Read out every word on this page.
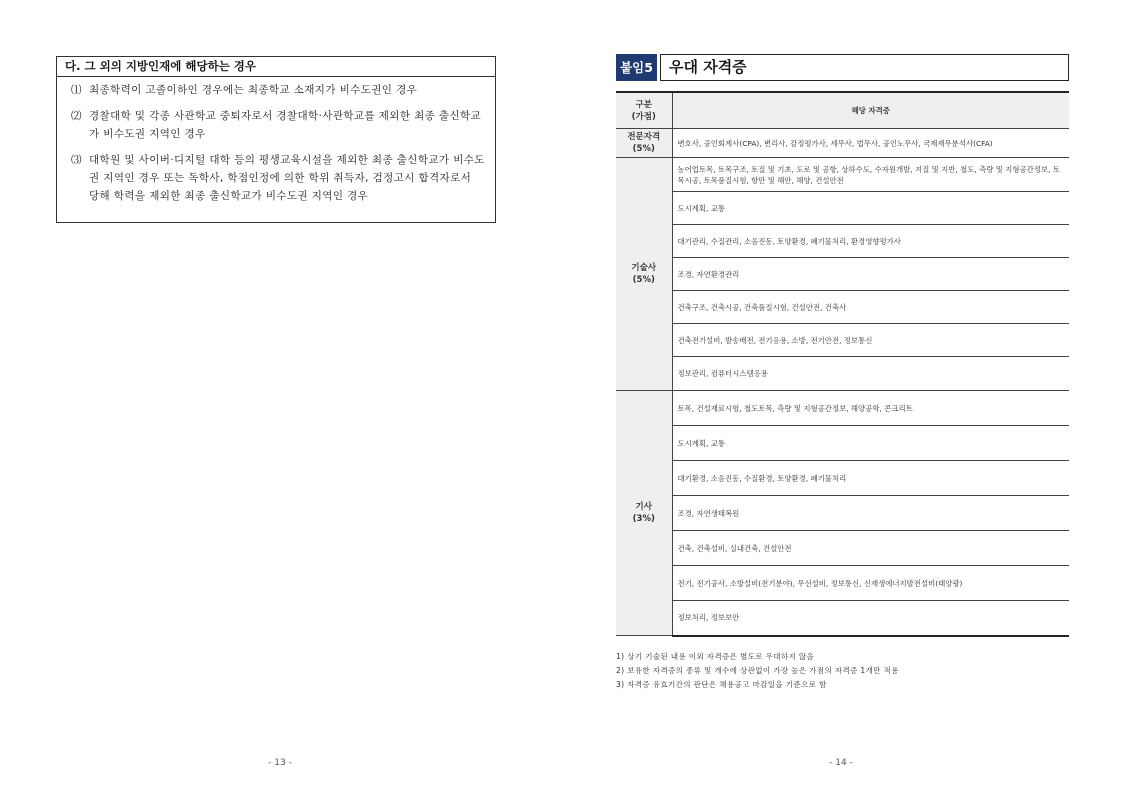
다. 그 외의 지방인재에 해당하는 경우
⑴ 최종학력이 고졸이하인 경우에는 최종학교 소재지가 비수도권인 경우
⑵ 경찰대학 및 각종 사관학교 중퇴자로서 경찰대학·사관학교를 제외한 최종 출신학교가 비수도권 지역인 경우
⑶ 대학원 및 사이버·디지털 대학 등의 평생교육시설을 제외한 최종 출신학교가 비수도권 지역인 경우 또는 독학사, 학점인정에 의한 학위 취득자, 검정고시 합격자로서 당해 학력을 제외한 최종 출신학교가 비수도권 지역인 경우
- 13 -
붙임5	우대 자격증
구분
(가점)	해당 자격증
전문자격
(5%)	변호사, 공인회계사(CPA), 변리사, 감정평가사, 세무사, 법무사, 공인노무사, 국제재무분석사(CFA)
기술사
(5%)	농어업토목, 토목구조, 토질 및 기초, 도로 및 공항, 상하수도, 수자원개발, 지질 및 지반, 철도, 측량 및 지형공간정보, 토목시공, 토목품질시험, 항만 및 해안, 해양, 건설안전
	도시계획, 교통
	대기관리, 수질관리, 소음진동, 토양환경, 폐기물처리, 환경영향평가사
	조경, 자연환경관리
	건축구조, 건축시공, 건축품질시험, 건설안전, 건축사
	건축전기설비, 발송배전, 전기응용, 소방, 전기안전, 정보통신
	정보관리, 컴퓨터시스템응용
기사
(3%)	토목, 건설재료시험, 철도토목, 측량 및 지형공간정보, 해양공학, 콘크리트
	도시계획, 교통
	대기환경, 소음진동, 수질환경, 토양환경, 폐기물처리
	조경, 자연생태복원
	건축, 건축설비, 실내건축, 건설안전
	전기, 전기공사, 소방설비(전기분야), 무선설비, 정보통신, 신재생에너지발전설비(태양광)
	정보처리, 정보보안
1) 상기 기술된 내용 이외 자격증은 별도로 우대하지 않음
2) 보유한 자격증의 종류 및 개수에 상관없이 가장 높은 가점의 자격증 1개만 적용
3) 자격증 유효기간의 판단은 채용공고 마감일을 기준으로 함
- 14 -
